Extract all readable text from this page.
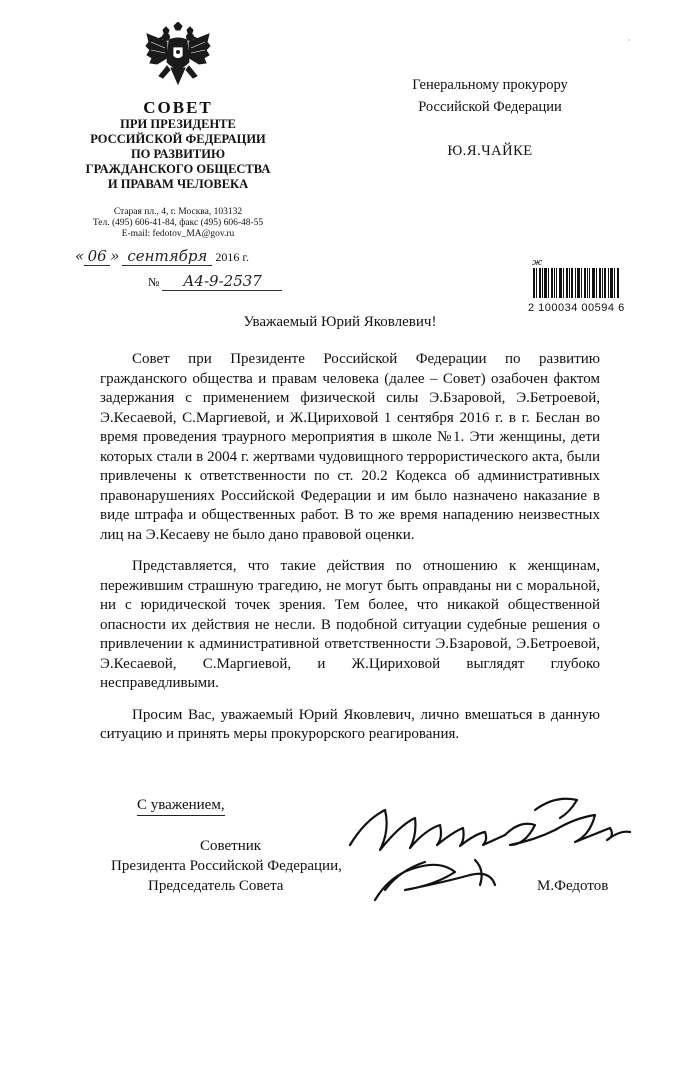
СОВЕТ
ПРИ ПРЕЗИДЕНТЕ
РОССИЙСКОЙ ФЕДЕРАЦИИ
ПО РАЗВИТИЮ
ГРАЖДАНСКОГО ОБЩЕСТВА
И ПРАВАМ ЧЕЛОВЕКА
Старая пл., 4, г. Москва, 103132
Тел. (495) 606-41-84, факс (495) 606-48-55
E-mail: fedotov_MA@gov.ru
« 06 » сентября 2016 г.
№ А4-9-2537
Генеральному прокурору
Российской Федерации
Ю.Я.ЧАЙКЕ
ж
2 100034 00594 6
·
Уважаемый Юрий Яковлевич!

Совет при Президенте Российской Федерации по развитию гражданского общества и правам человека (далее – Совет) озабочен фактом задержания с применением физической силы Э.Бзаровой, Э.Бетроевой, Э.Кесаевой, С.Маргиевой, и Ж.Цириховой 1 сентября 2016 г. в г. Беслан во время проведения траурного мероприятия в школе №1. Эти женщины, дети которых стали в 2004 г. жертвами чудовищного террористического акта, были привлечены к ответственности по ст. 20.2 Кодекса об административных правонарушениях Российской Федерации и им было назначено наказание в виде штрафа и общественных работ. В то же время нападению неизвестных лиц на Э.Кесаеву не было дано правовой оценки.

Представляется, что такие действия по отношению к женщинам, пережившим страшную трагедию, не могут быть оправданы ни с моральной, ни с юридической точек зрения. Тем более, что никакой общественной опасности их действия не несли. В подобной ситуации судебные решения о привлечении к административной ответственности Э.Бзаровой, Э.Бетроевой, Э.Кесаевой, С.Маргиевой, и Ж.Цириховой выглядят глубоко несправедливыми.

Просим Вас, уважаемый Юрий Яковлевич, лично вмешаться в данную ситуацию и принять меры прокурорского реагирования.

С уважением,
Советник
Президента Российской Федерации,
Председатель Совета	М.Федотов
